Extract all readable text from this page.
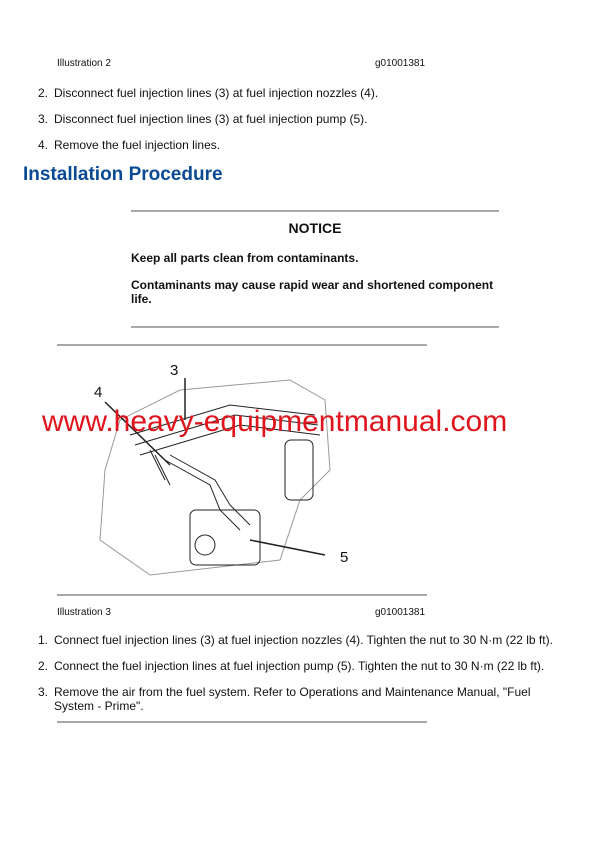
Illustration 2	g01001381
2. Disconnect fuel injection lines (3) at fuel injection nozzles (4).
3. Disconnect fuel injection lines (3) at fuel injection pump (5).
4. Remove the fuel injection lines.
Installation Procedure
NOTICE
Keep all parts clean from contaminants.
Contaminants may cause rapid wear and shortened component life.
3
4
5
www.heavy-equipmentmanual.com
Illustration 3	g01001381
1. Connect fuel injection lines (3) at fuel injection nozzles (4). Tighten the nut to 30 N·m (22 lb ft).
2. Connect the fuel injection lines at fuel injection pump (5). Tighten the nut to 30 N·m (22 lb ft).
3. Remove the air from the fuel system. Refer to Operations and Maintenance Manual, "Fuel System - Prime".
